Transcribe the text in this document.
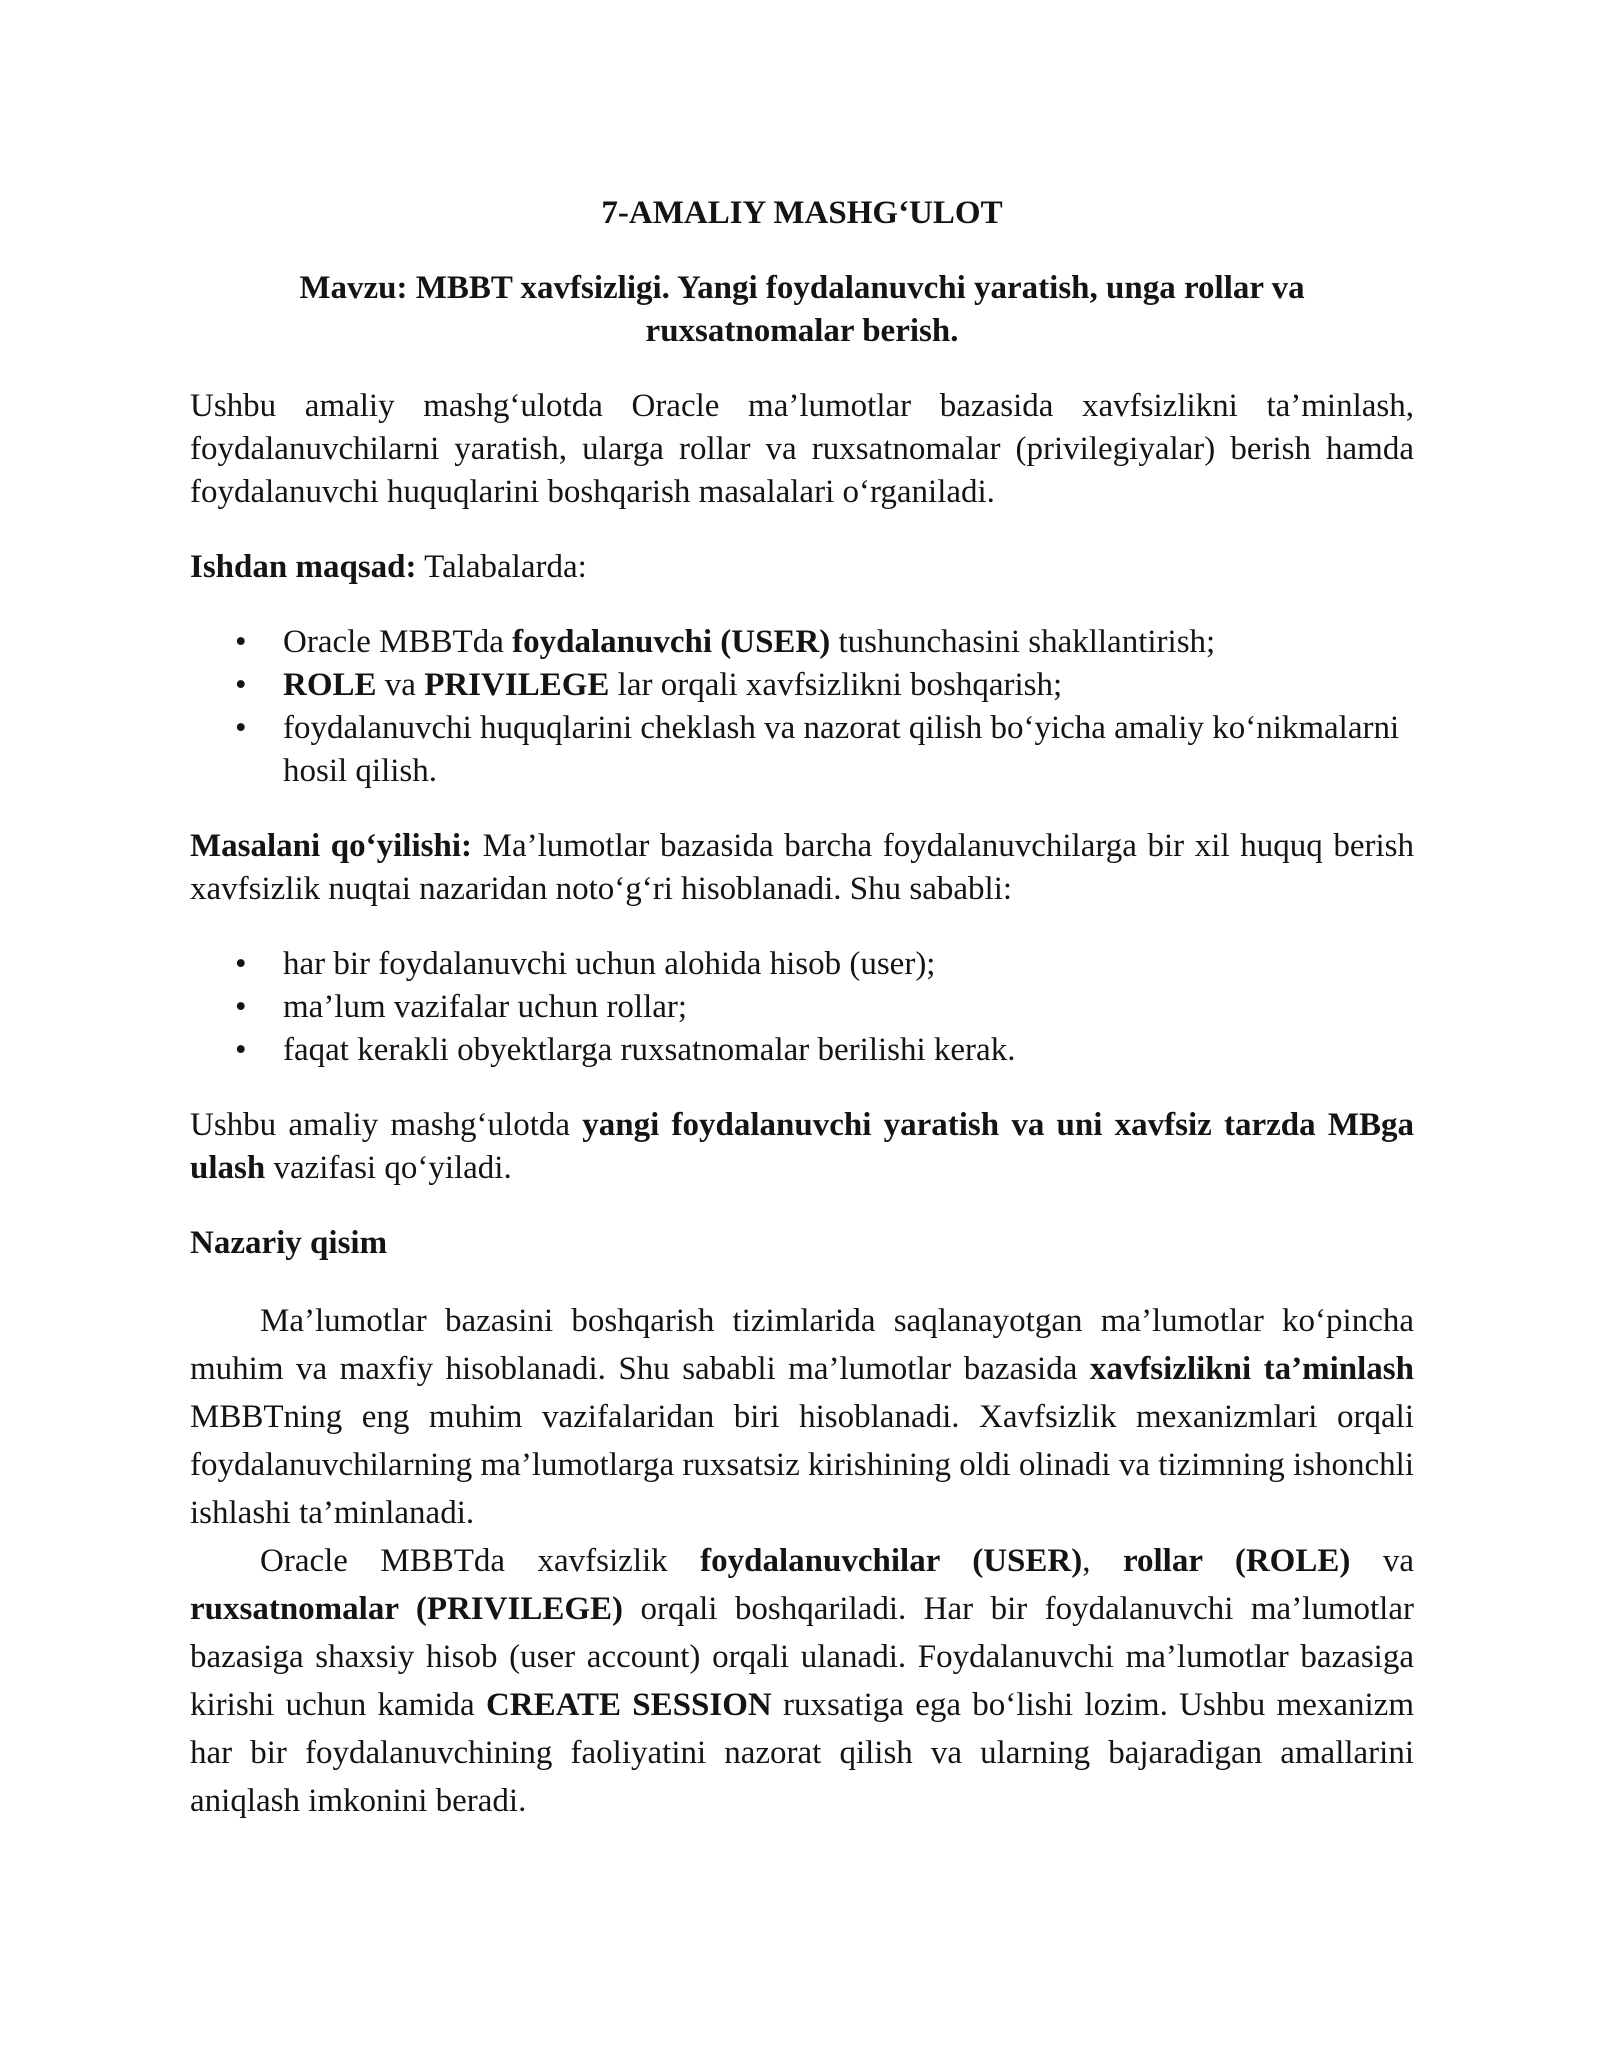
7-AMALIY MASHG‘ULOT
Mavzu: MBBT xavfsizligi. Yangi foydalanuvchi yaratish, unga rollar va
ruxsatnomalar berish.
Ushbu amaliy mashg‘ulotda Oracle ma’lumotlar bazasida xavfsizlikni ta’minlash, foydalanuvchilarni yaratish, ularga rollar va ruxsatnomalar (privilegiyalar) berish hamda foydalanuvchi huquqlarini boshqarish masalalari o‘rganiladi.
Ishdan maqsad: Talabalarda:
• Oracle MBBTda foydalanuvchi (USER) tushunchasini shakllantirish;
• ROLE va PRIVILEGE lar orqali xavfsizlikni boshqarish;
• foydalanuvchi huquqlarini cheklash va nazorat qilish bo‘yicha amaliy ko‘nikmalarni hosil qilish.
Masalani qo‘yilishi: Ma’lumotlar bazasida barcha foydalanuvchilarga bir xil huquq berish xavfsizlik nuqtai nazaridan noto‘g‘ri hisoblanadi. Shu sababli:
• har bir foydalanuvchi uchun alohida hisob (user);
• ma’lum vazifalar uchun rollar;
• faqat kerakli obyektlarga ruxsatnomalar berilishi kerak.
Ushbu amaliy mashg‘ulotda yangi foydalanuvchi yaratish va uni xavfsiz tarzda MBga ulash vazifasi qo‘yiladi.
Nazariy qisim
Ma’lumotlar bazasini boshqarish tizimlarida saqlanayotgan ma’lumotlar ko‘pincha muhim va maxfiy hisoblanadi. Shu sababli ma’lumotlar bazasida xavfsizlikni ta’minlash MBBTning eng muhim vazifalaridan biri hisoblanadi. Xavfsizlik mexanizmlari orqali foydalanuvchilarning ma’lumotlarga ruxsatsiz kirishining oldi olinadi va tizimning ishonchli ishlashi ta’minlanadi.
Oracle MBBTda xavfsizlik foydalanuvchilar (USER), rollar (ROLE) va ruxsatnomalar (PRIVILEGE) orqali boshqariladi. Har bir foydalanuvchi ma’lumotlar bazasiga shaxsiy hisob (user account) orqali ulanadi. Foydalanuvchi ma’lumotlar bazasiga kirishi uchun kamida CREATE SESSION ruxsatiga ega bo‘lishi lozim. Ushbu mexanizm har bir foydalanuvchining faoliyatini nazorat qilish va ularning bajaradigan amallarini aniqlash imkonini beradi.
